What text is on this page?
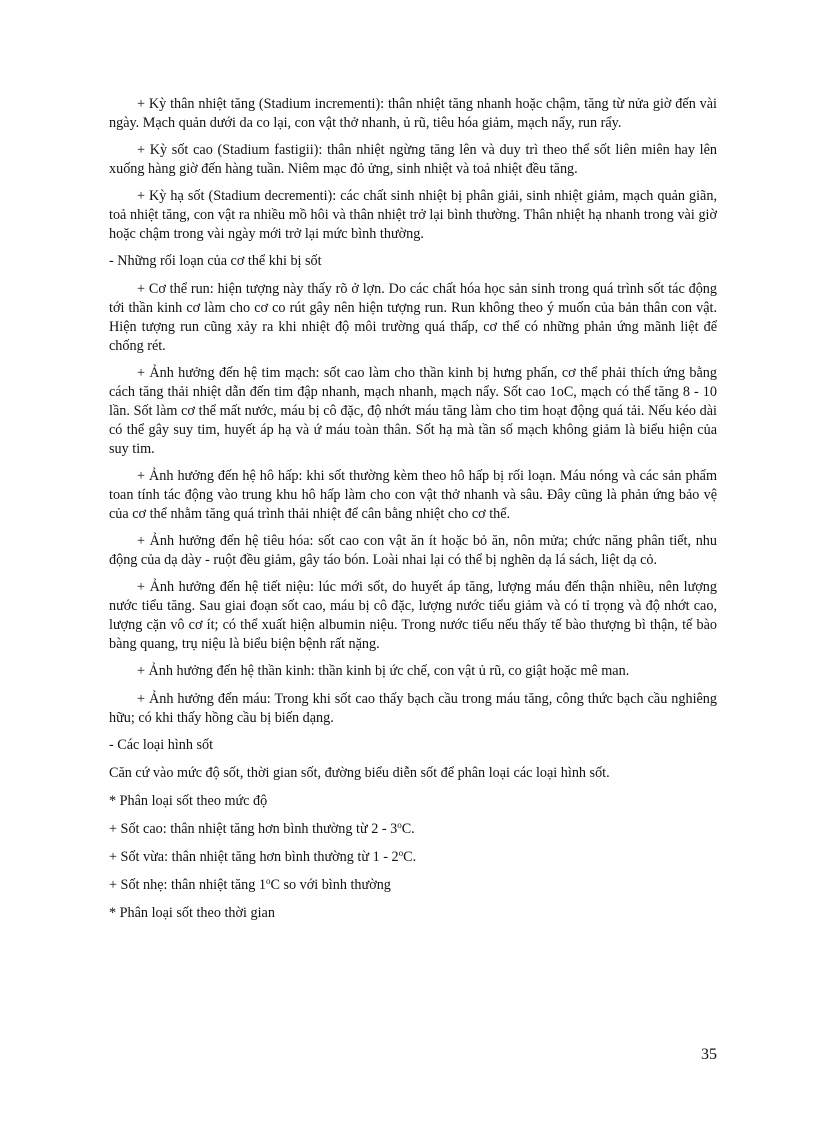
+ Kỳ thân nhiệt tăng (Stadium incrementi): thân nhiệt tăng nhanh hoặc chậm, tăng từ nửa giờ đến vài ngày. Mạch quản dưới da co lại, con vật thở nhanh, ủ rũ, tiêu hóa giảm, mạch nẩy, run rẩy.

+ Kỳ sốt cao (Stadium fastigii): thân nhiệt ngừng tăng lên và duy trì theo thể sốt liên miên hay lên xuống hàng giờ đến hàng tuần. Niêm mạc đỏ ửng, sinh nhiệt và toả nhiệt đều tăng.

+ Kỳ hạ sốt (Stadium decrementi): các chất sinh nhiệt bị phân giải, sinh nhiệt giảm, mạch quản giãn, toả nhiệt tăng, con vật ra nhiều mồ hôi và thân nhiệt trở lại bình thường. Thân nhiệt hạ nhanh trong vài giờ hoặc chậm trong vài ngày mới trở lại mức bình thường.

- Những rối loạn của cơ thể khi bị sốt

+ Cơ thể run: hiện tượng này thấy rõ ở lợn. Do các chất hóa học sản sinh trong quá trình sốt tác động tới thần kinh cơ làm cho cơ co rút gây nên hiện tượng run. Run không theo ý muốn của bản thân con vật. Hiện tượng run cũng xảy ra khi nhiệt độ môi trường quá thấp, cơ thể có những phản ứng mãnh liệt để chống rét.

+ Ảnh hưởng đến hệ tim mạch: sốt cao làm cho thần kinh bị hưng phấn, cơ thể phải thích ứng bằng cách tăng thải nhiệt dẫn đến tim đập nhanh, mạch nhanh, mạch nẩy. Sốt cao 1oC, mạch có thể tăng 8 - 10 lần. Sốt làm cơ thể mất nước, máu bị cô đặc, độ nhớt máu tăng làm cho tim hoạt động quá tải. Nếu kéo dài có thể gây suy tim, huyết áp hạ và ứ máu toàn thân. Sốt hạ mà tần số mạch không giảm là biểu hiện của suy tim.

+ Ảnh hưởng đến hệ hô hấp: khi sốt thường kèm theo hô hấp bị rối loạn. Máu nóng và các sản phẩm toan tính tác động vào trung khu hô hấp làm cho con vật thở nhanh và sâu. Đây cũng là phản ứng bảo vệ của cơ thể nhằm tăng quá trình thải nhiệt để cân bằng nhiệt cho cơ thể.

+ Ảnh hưởng đến hệ tiêu hóa: sốt cao con vật ăn ít hoặc bỏ ăn, nôn mửa; chức năng phân tiết, nhu động của dạ dày - ruột đều giảm, gây táo bón. Loài nhai lại có thể bị nghẽn dạ lá sách, liệt dạ cỏ.

+ Ảnh hưởng đến hệ tiết niệu: lúc mới sốt, do huyết áp tăng, lượng máu đến thận nhiều, nên lượng nước tiểu tăng. Sau giai đoạn sốt cao, máu bị cô đặc, lượng nước tiểu giảm và có tỉ trọng và độ nhớt cao, lượng cặn vô cơ ít; có thể xuất hiện albumin niệu. Trong nước tiểu nếu thấy tế bào thượng bì thận, tế bào bàng quang, trụ niệu là biểu biện bệnh rất nặng.

+ Ảnh hưởng đến hệ thần kinh: thần kinh bị ức chế, con vật ủ rũ, co giật hoặc mê man.

+ Ảnh hưởng đến máu: Trong khi sốt cao thấy bạch cầu trong máu tăng, công thức bạch cầu nghiêng hữu; có khi thấy hồng cầu bị biến dạng.

- Các loại hình sốt

Căn cứ vào mức độ sốt, thời gian sốt, đường biểu diễn sốt để phân loại các loại hình sốt.

* Phân loại sốt theo mức độ

+ Sốt cao: thân nhiệt tăng hơn bình thường từ 2 - 3$^o$C.

+ Sốt vừa: thân nhiệt tăng hơn bình thường từ 1 - 2$^o$C.

+ Sốt nhẹ: thân nhiệt tăng 1$^o$C so với bình thường

* Phân loại sốt theo thời gian

35
